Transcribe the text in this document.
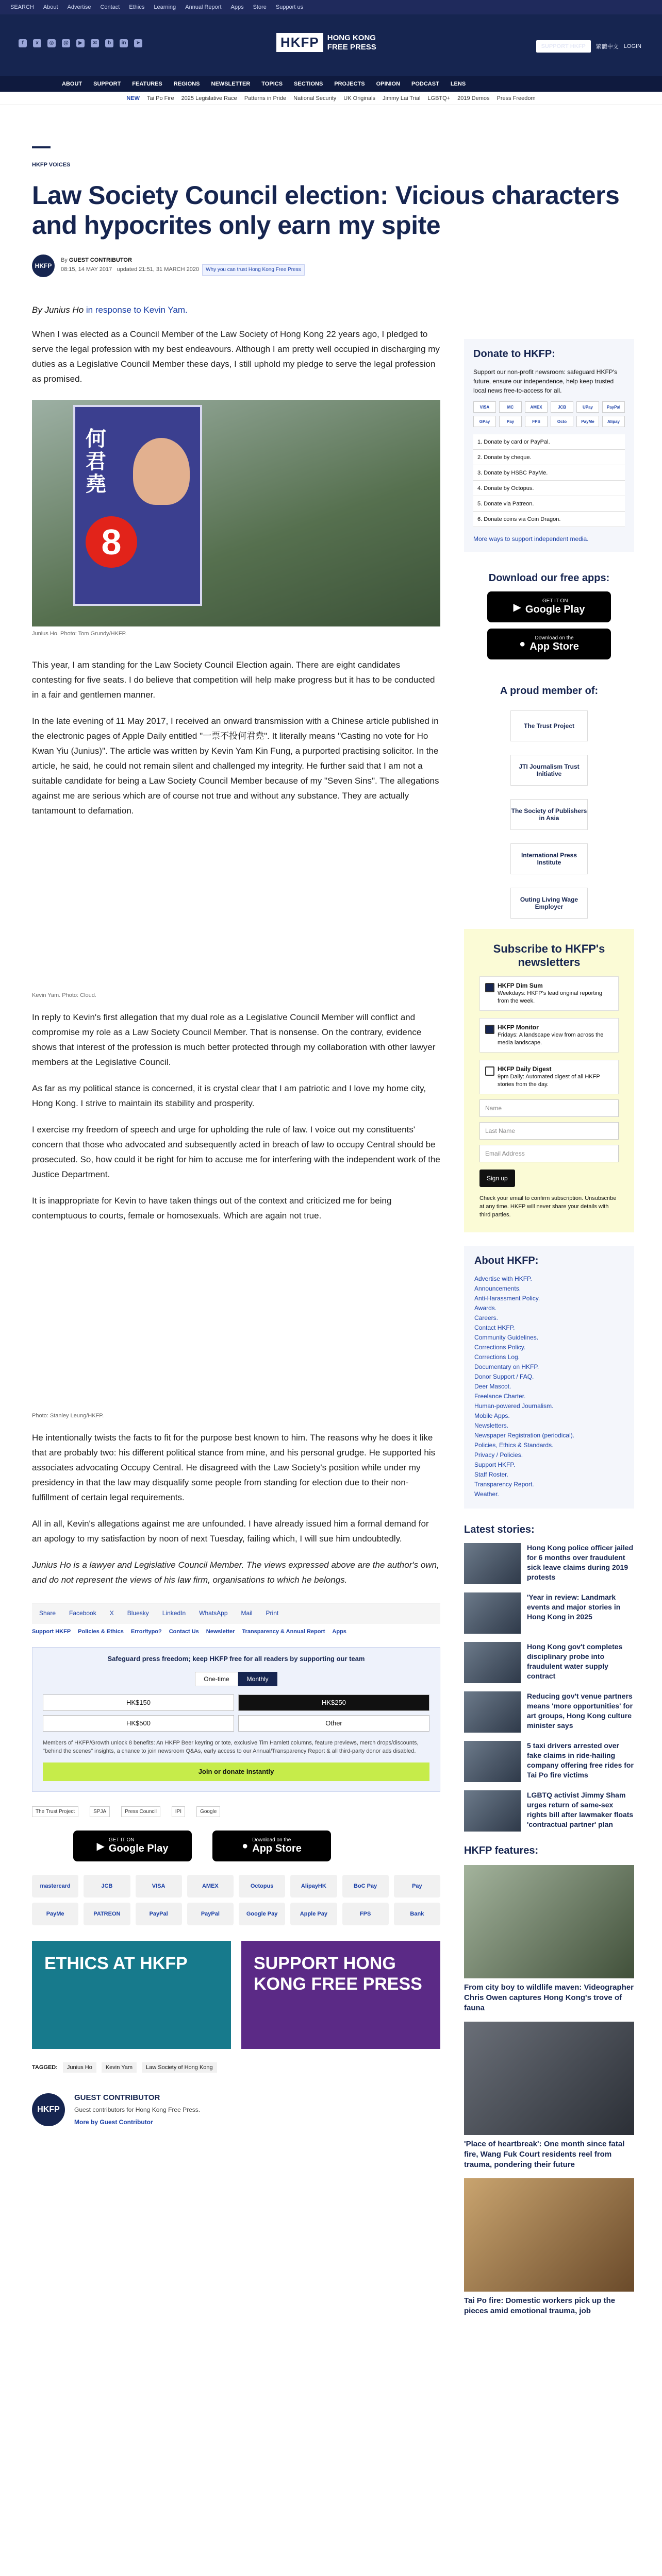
SEARCH About Advertise Contact Ethics Learning Annual Report Apps Store Support us
f	x	◎	@	▶	✉	b	in	➤	HKFP	HONG KONG
FREE PRESS	SUPPORT HKFP	繁體中文 LOGIN
ABOUT SUPPORT FEATURES REGIONS NEWSLETTER TOPICS SECTIONS PROJECTS OPINION PODCAST LENS
NEW Tai Po Fire 2025 Legislative Race Patterns in Pride National Security UK Originals Jimmy Lai Trial LGBTQ+ 2019 Demos Press Freedom
HKFP VOICES
Law Society Council election: Vicious characters and hypocrites only earn my spite
HKFP
By GUEST CONTRIBUTOR
08:15, 14 MAY 2017 updated 21:51, 31 MARCH 2020 Why you can trust Hong Kong Free Press
By Junius Ho in response to Kevin Yam.

When I was elected as a Council Member of the Law Society of Hong Kong 22 years ago, I pledged to serve the legal profession with my best endeavours. Although I am pretty well occupied in discharging my duties as a Legislative Council Member these days, I still uphold my pledge to serve the legal profession as promised.

何君堯
8
Junius Ho. Photo: Tom Grundy/HKFP.

This year, I am standing for the Law Society Council Election again. There are eight candidates contesting for five seats. I do believe that competition will help make progress but it has to be conducted in a fair and gentlemen manner.

In the late evening of 11 May 2017, I received an onward transmission with a Chinese article published in the electronic pages of Apple Daily entitled "一票不投何君堯". It literally means "Casting no vote for Ho Kwan Yiu (Junius)". The article was written by Kevin Yam Kin Fung, a purported practising solicitor. In the article, he said, he could not remain silent and challenged my integrity. He further said that I am not a suitable candidate for being a Law Society Council Member because of my "Seven Sins". The allegations against me are serious which are of course not true and without any substance. They are actually tantamount to defamation.

Kevin Yam. Photo: Cloud.

In reply to Kevin's first allegation that my dual role as a Legislative Council Member will conflict and compromise my role as a Law Society Council Member. That is nonsense. On the contrary, evidence shows that interest of the profession is much better protected through my collaboration with other lawyer members at the Legislative Council.

As far as my political stance is concerned, it is crystal clear that I am patriotic and I love my home city, Hong Kong. I strive to maintain its stability and prosperity.

I exercise my freedom of speech and urge for upholding the rule of law. I voice out my constituents' concern that those who advocated and subsequently acted in breach of law to occupy Central should be prosecuted. So, how could it be right for him to accuse me for interfering with the independent work of the Justice Department.

It is inappropriate for Kevin to have taken things out of the context and criticized me for being contemptuous to courts, female or homosexuals. Which are again not true.

Photo: Stanley Leung/HKFP.

He intentionally twists the facts to fit for the purpose best known to him. The reasons why he does it like that are probably two: his different political stance from mine, and his personal grudge. He supported his associates advocating Occupy Central. He disagreed with the Law Society's position while under my presidency in that the law may disqualify some people from standing for election due to their non-fulfillment of certain legal requirements.

All in all, Kevin's allegations against me are unfounded. I have already issued him a formal demand for an apology to my satisfaction by noon of next Tuesday, failing which, I will sue him undoubtedly.

Junius Ho is a lawyer and Legislative Council Member. The views expressed above are the author's own, and do not represent the views of his law firm, organisations to which he belongs.

Share Facebook X Bluesky LinkedIn WhatsApp Mail Print
Support HKFP Policies & Ethics Error/typo? Contact Us Newsletter Transparency & Annual Report Apps
Safeguard press freedom; keep HKFP free for all readers by supporting our team
One-time	Monthly
HK$150	HK$250
HK$500	Other
Members of HKFP/Growth unlock 8 benefits: An HKFP Beer keyring or tote, exclusive Tim Hamlett columns, feature previews, merch drops/discounts, "behind the scenes" insights, a chance to join newsroom Q&As, early access to our Annual/Transparency Report & all third-party donor ads disabled.
Join or donate instantly
The Trust Project	SPJA	Press Council	IPI	Google
▶
GET IT ON
Google Play	● Download on the
App Store
mastercard	JCB	VISA	AMEX	Octopus	AlipayHK	BoC Pay	Pay
PayMe	PATREON	PayPal	PayPal	Google Pay	Apple Pay	FPS	Bank
ETHICS AT HKFP	SUPPORT HONG KONG FREE PRESS
TAGGED:	Junius Ho	Kevin Yam	Law Society of Hong Kong
HKFP
GUEST CONTRIBUTOR
Guest contributors for Hong Kong Free Press.
More by Guest Contributor
Donate to HKFP:

Support our non-profit newsroom: safeguard HKFP's future, ensure our independence, help keep trusted local news free-to-access for all.

VISA	MC	AMEX	JCB	UPay	PayPal
GPay	Pay	FPS	Octo	PayMe	Alipay
1. Donate by card or PayPal.
2. Donate by cheque.
3. Donate by HSBC PayMe.
4. Donate by Octopus.
5. Donate via Patreon.
6. Donate coins via Coin Dragon.
More ways to support independent media.
Download our free apps:
▶
GET IT ON
Google Play
●	Download on the
App Store
A proud member of:
The Trust Project
JTI Journalism Trust Initiative
The Society of Publishers in Asia
International Press Institute
Outing Living Wage Employer
Subscribe to HKFP's newsletters
HKFP Dim Sum
Weekdays: HKFP's lead original reporting from the week.
HKFP Monitor
Fridays: A landscape view from across the media landscape.
HKFP Daily Digest
9pm Daily: Automated digest of all HKFP stories from the day.
Name
Last Name
Email Address
Sign up
Check your email to confirm subscription. Unsubscribe at any time. HKFP will never share your details with third parties.
About HKFP:
Advertise with HKFP.
Announcements.
Anti-Harassment Policy.
Awards.
Careers.
Contact HKFP.
Community Guidelines.
Corrections Policy.
Corrections Log.
Documentary on HKFP.
Donor Support / FAQ.
Deer Mascot.
Freelance Charter.
Human-powered Journalism.
Mobile Apps.
Newsletters.
Newspaper Registration (periodical).
Policies, Ethics & Standards.
Privacy / Policies.
Support HKFP.
Staff Roster.
Transparency Report.
Weather.
Latest stories:
Hong Kong police officer jailed for 6 months over fraudulent sick leave claims during 2019 protests
'Year in review: Landmark events and major stories in Hong Kong in 2025
Hong Kong gov't completes disciplinary probe into fraudulent water supply contract
Reducing gov't venue partners means 'more opportunities' for art groups, Hong Kong culture minister says
5 taxi drivers arrested over fake claims in ride-hailing company offering free rides for Tai Po fire victims
LGBTQ activist Jimmy Sham urges return of same-sex rights bill after lawmaker floats 'contractual partner' plan
HKFP features:
From city boy to wildlife maven: Videographer Chris Owen captures Hong Kong's trove of fauna
'Place of heartbreak': One month since fatal fire, Wang Fuk Court residents reel from trauma, pondering their future
Tai Po fire: Domestic workers pick up the pieces amid emotional trauma, job
